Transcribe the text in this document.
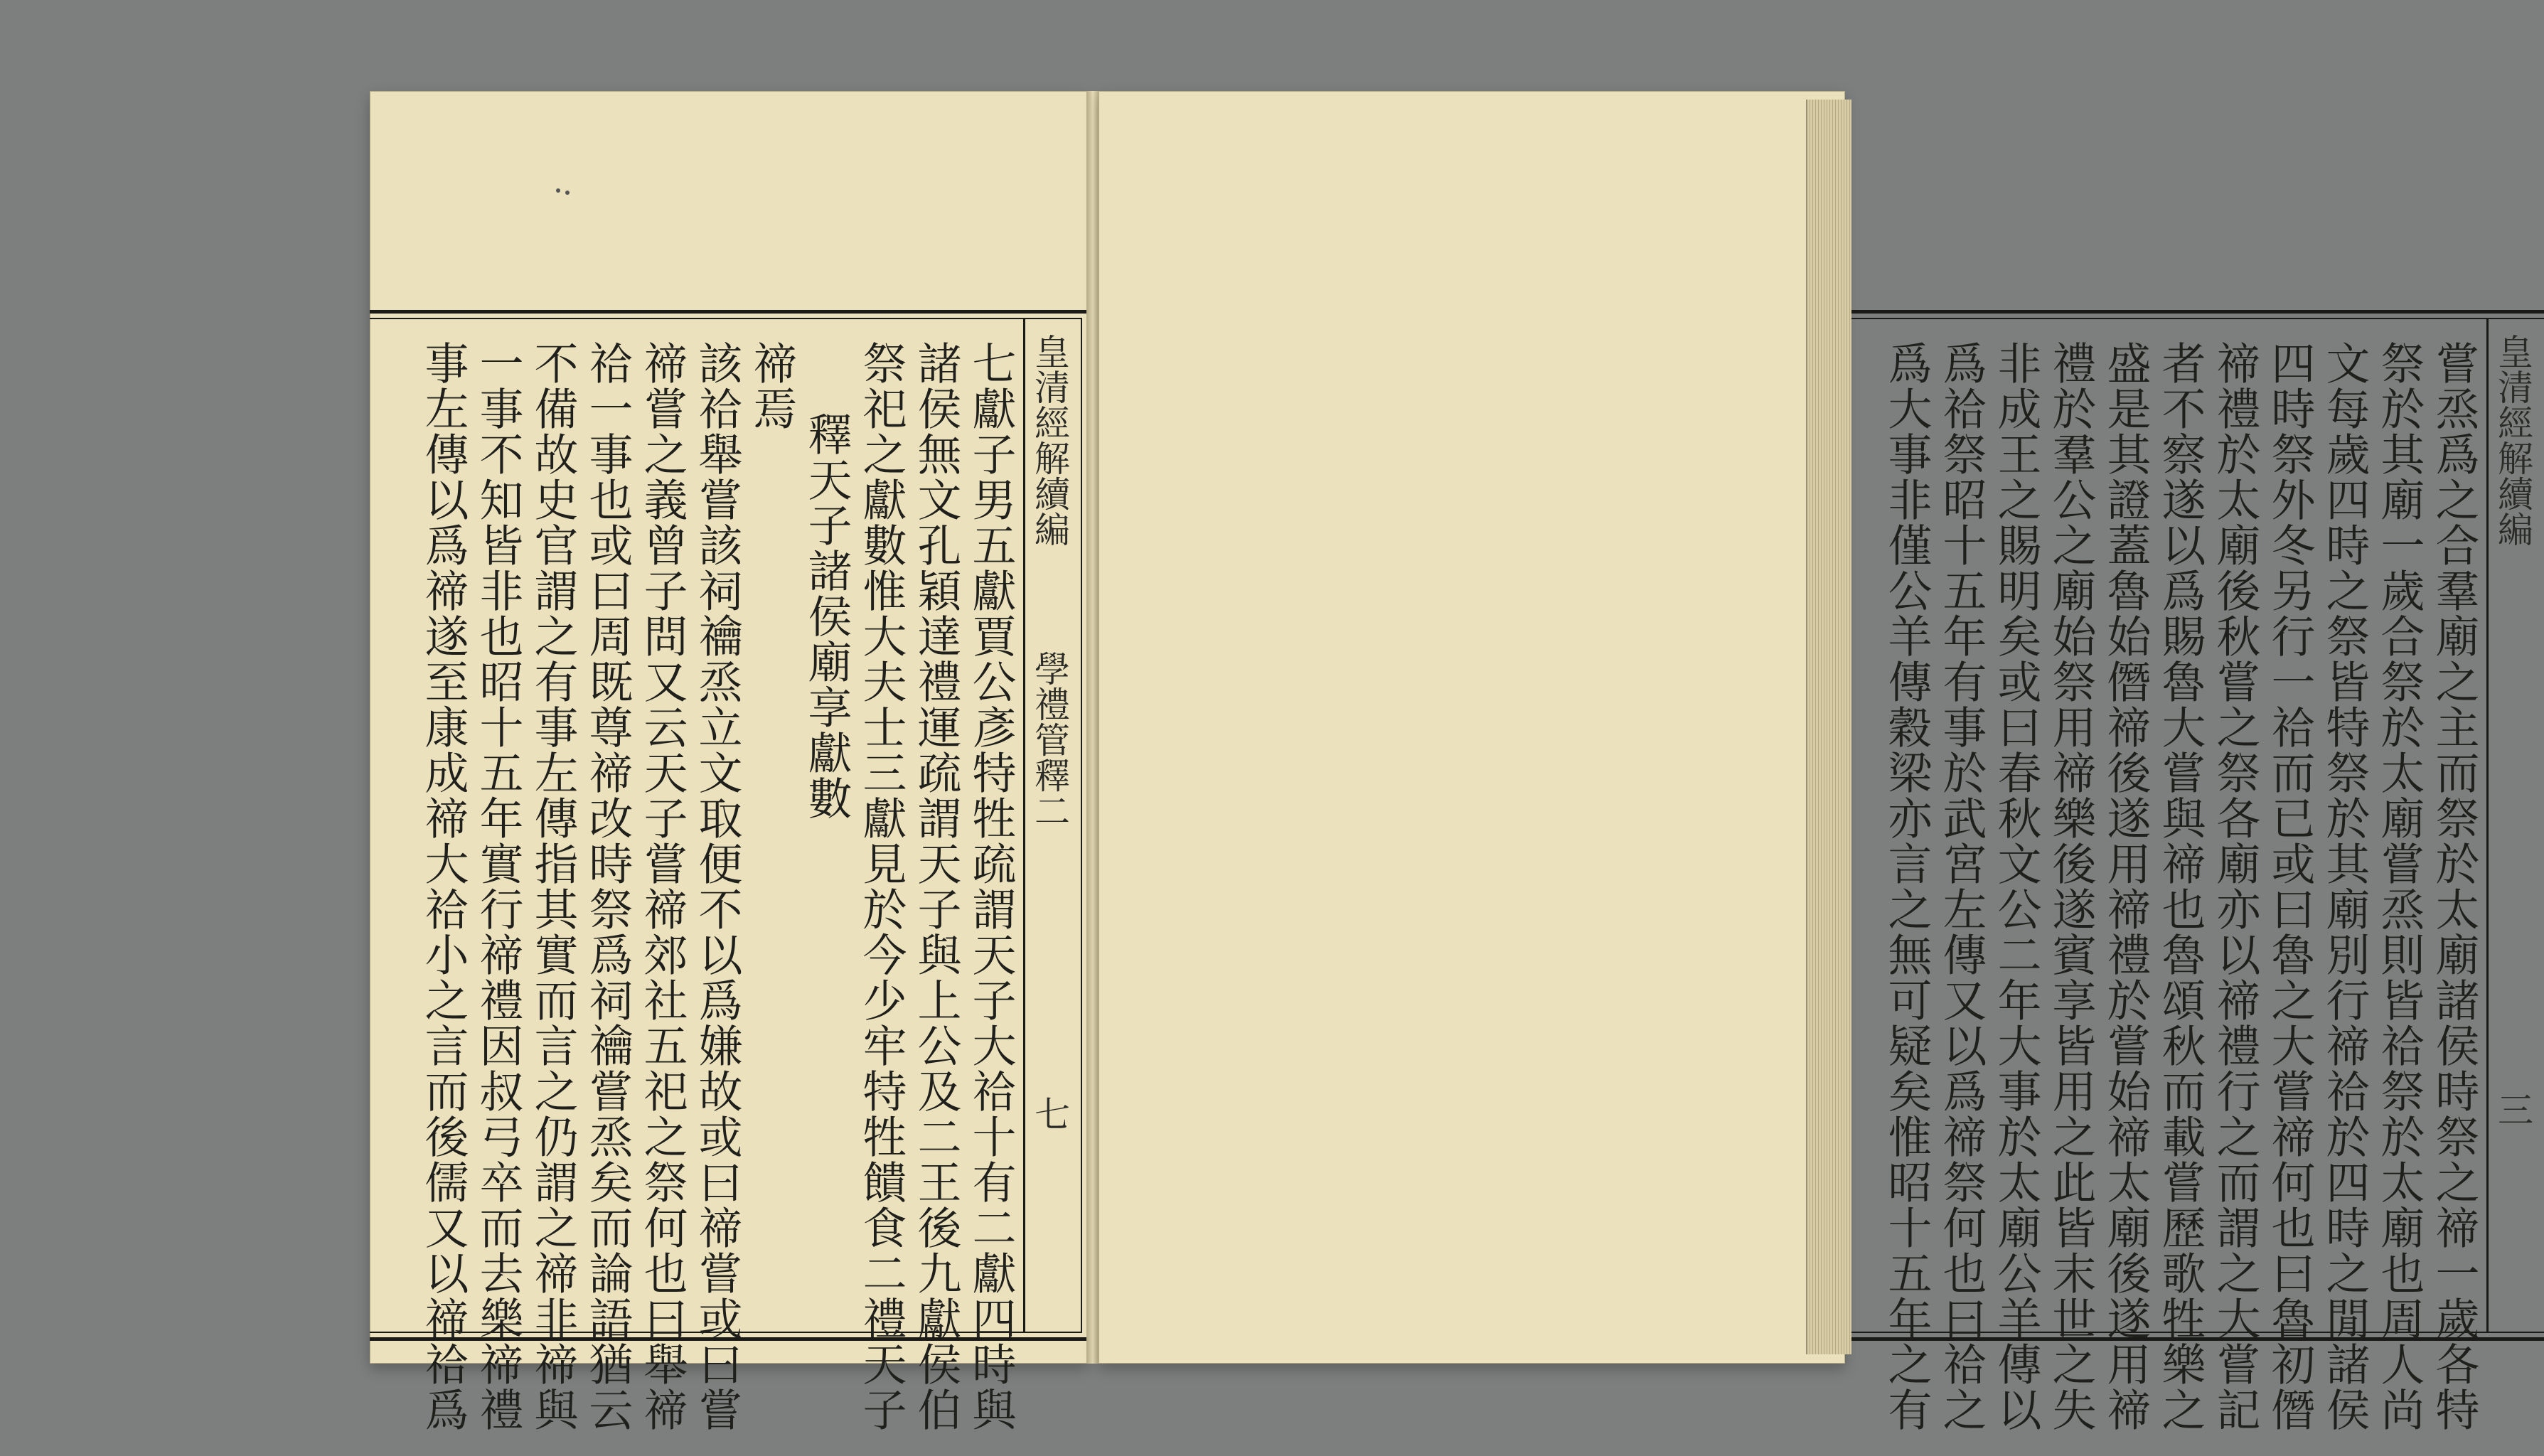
皇清經解續編  學禮管釋二  七
七獻子男五獻賈公彥特牲疏謂天子大祫十有二獻四時與
諸侯無文孔穎達禮運疏謂天子與上公及二王後九獻侯伯
祭祀之獻數惟大夫士三獻見於今少牢特牲饋食二禮天子
釋天子諸侯廟享獻數
禘焉
該祫舉嘗該祠禴烝立文取便不以爲嫌故或曰禘嘗或曰嘗
禘嘗之義曾子問又云天子嘗禘郊社五祀之祭何也曰舉禘
祫一事也或曰周既尊禘改時祭爲祠禴嘗烝矣而論語猶云
不備故史官謂之有事左傳指其實而言之仍謂之禘非禘與
一事不知皆非也昭十五年實行禘禮因叔弓卒而去樂禘禮
事左傳以爲禘遂至康成禘大祫小之言而後儒又以禘祫爲	皇清經解續編  三
嘗烝爲之合羣廟之主而祭於太廟諸侯時祭之禘一歲各特
祭於其廟一歲合祭於太廟嘗烝則皆祫祭於太廟也周人尚
文每歲四時之祭皆特祭於其廟別行禘祫於四時之閒諸侯
四時祭外冬另行一祫而已或曰魯之大嘗禘何也曰魯初僭
禘禮於太廟後秋嘗之祭各廟亦以禘禮行之而謂之大嘗記
者不察遂以爲賜魯大嘗與禘也魯頌秋而載嘗歷歌牲樂之
盛是其證蓋魯始僭禘後遂用禘禮於嘗始禘太廟後遂用禘
禮於羣公之廟始祭用禘樂後遂賓享皆用之此皆末世之失
非成王之賜明矣或曰春秋文公二年大事於太廟公羊傳以
爲祫祭昭十五年有事於武宮左傳又以爲禘祭何也曰祫之
爲大事非僅公羊傳穀梁亦言之無可疑矣惟昭十五年之有
